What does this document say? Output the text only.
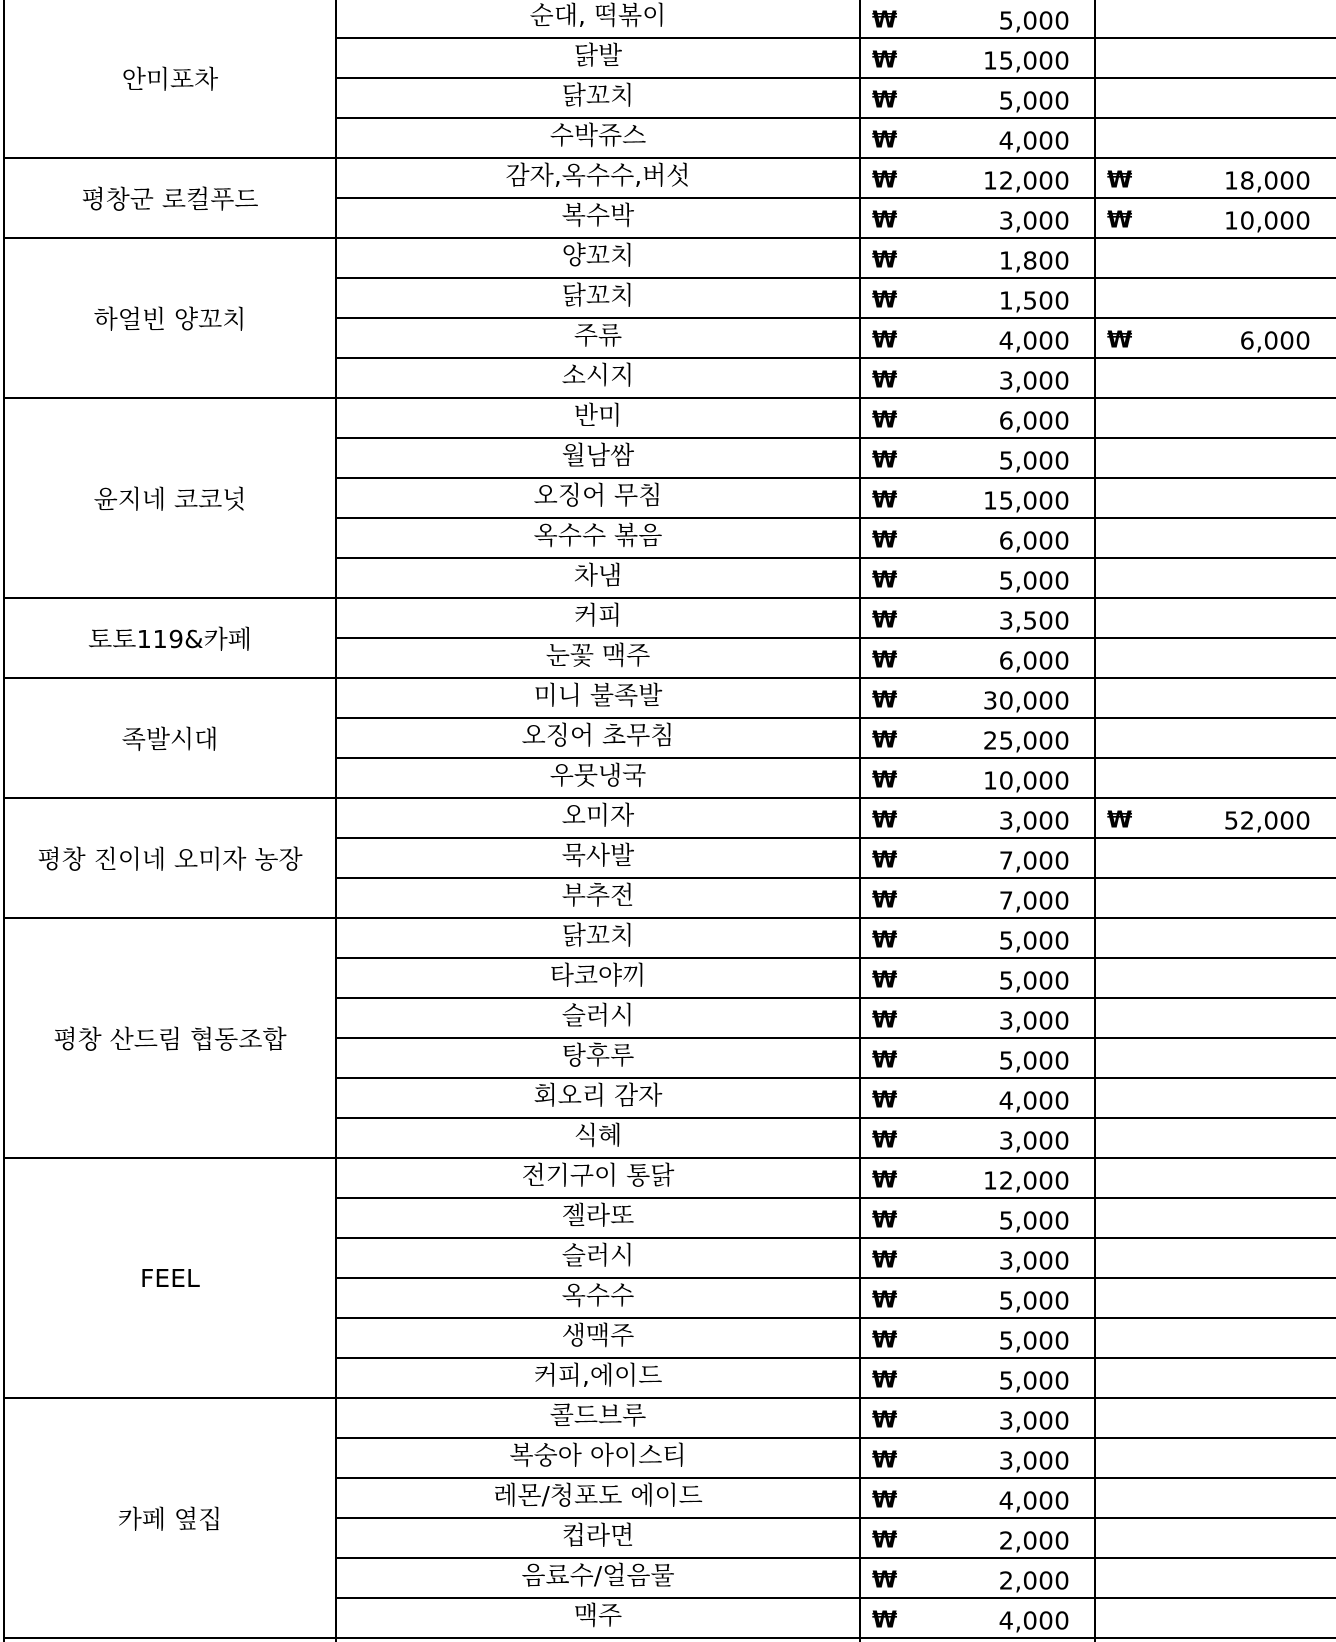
안미포차
순대, 떡볶이	₩	5,000
닭발	₩	15,000
닭꼬치	₩	5,000
수박쥬스	₩	4,000
평창군 로컬푸드
감자,옥수수,버섯	₩	12,000 ₩	18,000
복수박	₩	3,000 ₩	10,000
하얼빈 양꼬치
양꼬치	₩	1,800
닭꼬치	₩	1,500
주류	₩	4,000 ₩	6,000
소시지	₩	3,000
윤지네 코코넛
반미	₩	6,000
월남쌈	₩	5,000
오징어 무침	₩	15,000
옥수수 볶음	₩	6,000
차냄	₩	5,000
토토119&카페
커피	₩	3,500
눈꽃 맥주	₩	6,000
족발시대
미니 불족발	₩	30,000
오징어 초무침	₩	25,000
우뭇냉국	₩	10,000
평창 진이네 오미자 농장
오미자	₩	3,000 ₩	52,000
묵사발	₩	7,000
부추전	₩	7,000
평창 산드림 협동조합
닭꼬치	₩	5,000
타코야끼	₩	5,000
슬러시	₩	3,000
탕후루	₩	5,000
회오리 감자	₩	4,000
식혜	₩	3,000
FEEL
전기구이 통닭	₩	12,000
젤라또	₩	5,000
슬러시	₩	3,000
옥수수	₩	5,000
생맥주	₩	5,000
커피,에이드	₩	5,000
카페 옆집
콜드브루	₩	3,000
복숭아 아이스티	₩	3,000
레몬/청포도 에이드	₩	4,000
컵라면	₩	2,000
음료수/얼음물	₩	2,000
맥주	₩	4,000
